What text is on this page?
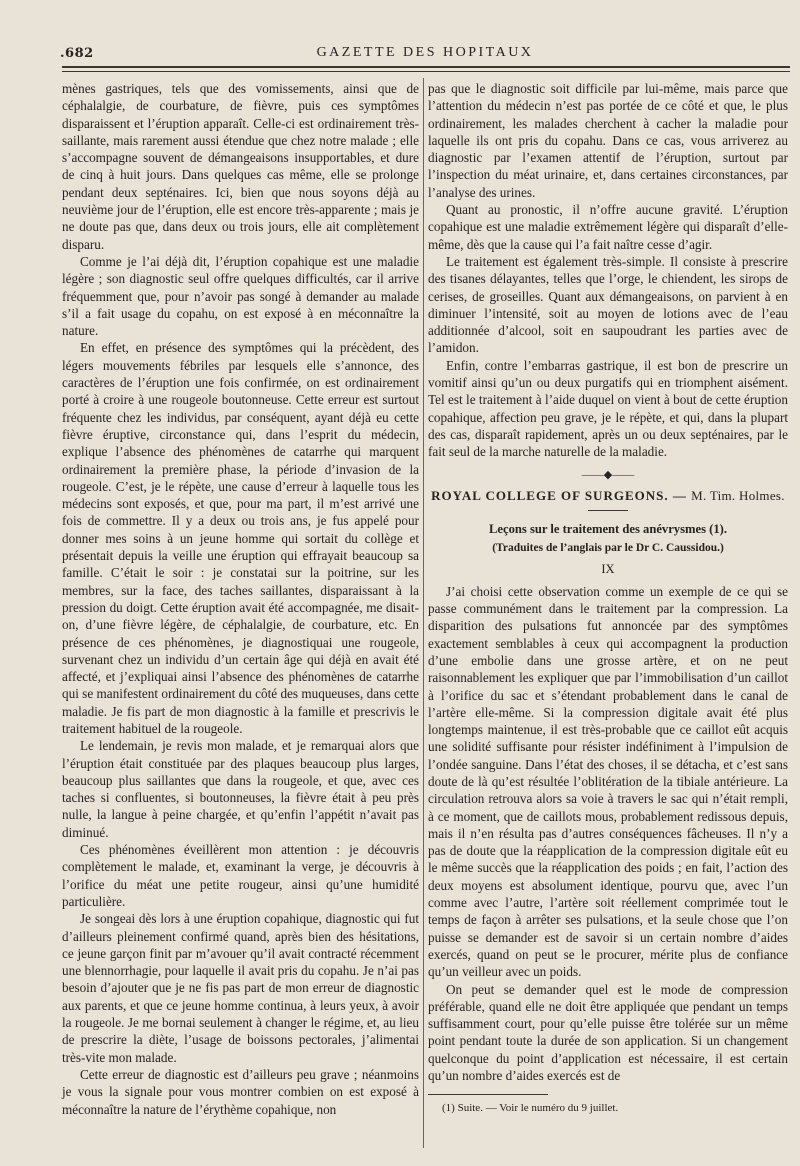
.682	GAZETTE DES HOPITAUX

mènes gastriques, tels que des vomissements, ainsi que de céphalalgie, de courbature, de fièvre, puis ces symptômes disparaissent et l’éruption apparaît. Celle-ci est ordinairement très-saillante, mais rarement aussi étendue que chez notre malade ; elle s’accompagne souvent de démangeaisons insupportables, et dure de cinq à huit jours. Dans quelques cas même, elle se prolonge pendant deux septénaires. Ici, bien que nous soyons déjà au neuvième jour de l’éruption, elle est encore très-apparente ; mais je ne doute pas que, dans deux ou trois jours, elle ait complètement disparu.

Comme je l’ai déjà dit, l’éruption copahique est une maladie légère ; son diagnostic seul offre quelques difficultés, car il arrive fréquemment que, pour n’avoir pas songé à demander au malade s’il a fait usage du copahu, on est exposé à en méconnaître la nature.

En effet, en présence des symptômes qui la précèdent, des légers mouvements fébriles par lesquels elle s’annonce, des caractères de l’éruption une fois confirmée, on est ordinairement porté à croire à une rougeole boutonneuse. Cette erreur est surtout fréquente chez les individus, par conséquent, ayant déjà eu cette fièvre éruptive, circonstance qui, dans l’esprit du médecin, explique l’absence des phénomènes de catarrhe qui marquent ordinairement la première phase, la période d’invasion de la rougeole. C’est, je le répète, une cause d’erreur à laquelle tous les médecins sont exposés, et que, pour ma part, il m’est arrivé une fois de commettre. Il y a deux ou trois ans, je fus appelé pour donner mes soins à un jeune homme qui sortait du collège et présentait depuis la veille une éruption qui effrayait beaucoup sa famille. C’était le soir : je constatai sur la poitrine, sur les membres, sur la face, des taches saillantes, disparaissant à la pression du doigt. Cette éruption avait été accompagnée, me disait-on, d’une fièvre légère, de céphalalgie, de courbature, etc. En présence de ces phénomènes, je diagnostiquai une rougeole, survenant chez un individu d’un certain âge qui déjà en avait été affecté, et j’expliquai ainsi l’absence des phénomènes de catarrhe qui se manifestent ordinairement du côté des muqueuses, dans cette maladie. Je fis part de mon diagnostic à la famille et prescrivis le traitement habituel de la rougeole.

Le lendemain, je revis mon malade, et je remarquai alors que l’éruption était constituée par des plaques beaucoup plus larges, beaucoup plus saillantes que dans la rougeole, et que, avec ces taches si confluentes, si boutonneuses, la fièvre était à peu près nulle, la langue à peine chargée, et qu’enfin l’appétit n’avait pas diminué.

Ces phénomènes éveillèrent mon attention : je découvris complètement le malade, et, examinant la verge, je découvris à l’orifice du méat une petite rougeur, ainsi qu’une humidité particulière.

Je songeai dès lors à une éruption copahique, diagnostic qui fut d’ailleurs pleinement confirmé quand, après bien des hésitations, ce jeune garçon finit par m’avouer qu’il avait contracté récemment une blennorrhagie, pour laquelle il avait pris du copahu. Je n’ai pas besoin d’ajouter que je ne fis pas part de mon erreur de diagnostic aux parents, et que ce jeune homme continua, à leurs yeux, à avoir la rougeole. Je me bornai seulement à changer le régime, et, au lieu de prescrire la diète, l’usage de boissons pectorales, j’alimentai très-vite mon malade.

Cette erreur de diagnostic est d’ailleurs peu grave ; néanmoins je vous la signale pour vous montrer combien on est exposé à méconnaître la nature de l’érythème copahique, non

pas que le diagnostic soit difficile par lui-même, mais parce que l’attention du médecin n’est pas portée de ce côté et que, le plus ordinairement, les malades cherchent à cacher la maladie pour laquelle ils ont pris du copahu. Dans ce cas, vous arriverez au diagnostic par l’examen attentif de l’éruption, surtout par l’inspection du méat urinaire, et, dans certaines circonstances, par l’analyse des urines.

Quant au pronostic, il n’offre aucune gravité. L’éruption copahique est une maladie extrêmement légère qui disparaît d’elle-même, dès que la cause qui l’a fait naître cesse d’agir.

Le traitement est également très-simple. Il consiste à prescrire des tisanes délayantes, telles que l’orge, le chiendent, les sirops de cerises, de groseilles. Quant aux démangeaisons, on parvient à en diminuer l’intensité, soit au moyen de lotions avec de l’eau additionnée d’alcool, soit en saupoudrant les parties avec de l’amidon.

Enfin, contre l’embarras gastrique, il est bon de prescrire un vomitif ainsi qu’un ou deux purgatifs qui en triomphent aisément. Tel est le traitement à l’aide duquel on vient à bout de cette éruption copahique, affection peu grave, je le répète, et qui, dans la plupart des cas, disparaît rapidement, après un ou deux septénaires, par le fait seul de la marche naturelle de la maladie.

——◆——
ROYAL COLLEGE OF SURGEONS. — M. Tim. Holmes.
Leçons sur le traitement des anévrysmes (1).
(Traduites de l’anglais par le Dr C. Caussidou.)
IX

J’ai choisi cette observation comme un exemple de ce qui se passe communément dans le traitement par la compression. La disparition des pulsations fut annoncée par des symptômes exactement semblables à ceux qui accompagnent la production d’une embolie dans une grosse artère, et on ne peut raisonnablement les expliquer que par l’immobilisation d’un caillot à l’orifice du sac et s’étendant probablement dans le canal de l’artère elle-même. Si la compression digitale avait été plus longtemps maintenue, il est très-probable que ce caillot eût acquis une solidité suffisante pour résister indéfiniment à l’impulsion de l’ondée sanguine. Dans l’état des choses, il se détacha, et c’est sans doute de là qu’est résultée l’oblitération de la tibiale antérieure. La circulation retrouva alors sa voie à travers le sac qui n’était rempli, à ce moment, que de caillots mous, probablement redissous depuis, mais il n’en résulta pas d’autres conséquences fâcheuses. Il n’y a pas de doute que la réapplication de la compression digitale eût eu le même succès que la réapplication des poids ; en fait, l’action des deux moyens est absolument identique, pourvu que, avec l’un comme avec l’autre, l’artère soit réellement comprimée tout le temps de façon à arrêter ses pulsations, et la seule chose que l’on puisse se demander est de savoir si un certain nombre d’aides exercés, quand on peut se le procurer, mérite plus de confiance qu’un veilleur avec un poids.

On peut se demander quel est le mode de compression préférable, quand elle ne doit être appliquée que pendant un temps suffisamment court, pour qu’elle puisse être tolérée sur un même point pendant toute la durée de son application. Si un changement quelconque du point d’application est nécessaire, il est certain qu’un nombre d’aides exercés est de

(1) Suite. — Voir le numéro du 9 juillet.
